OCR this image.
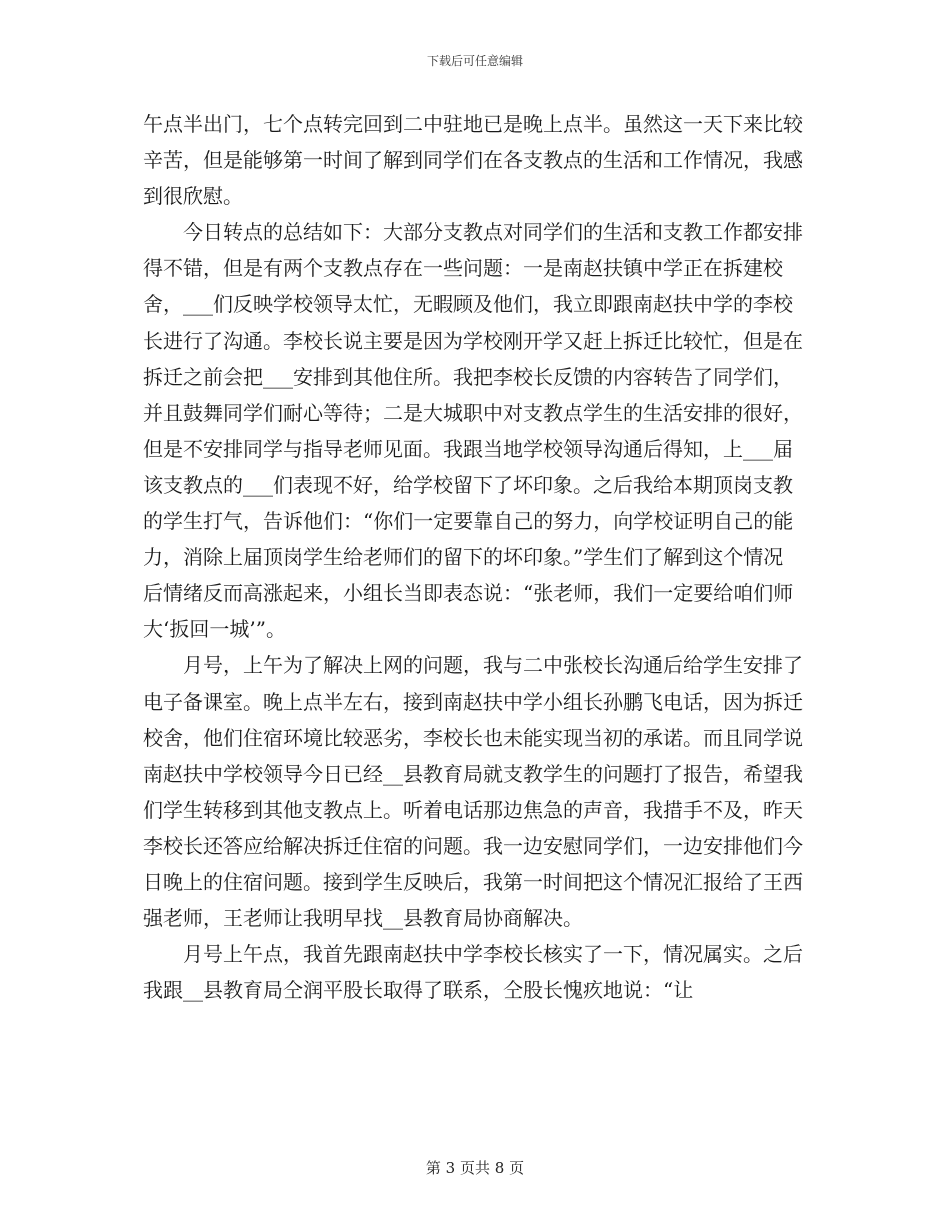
下载后可任意编辑

午点半出门，七个点转完回到二中驻地已是晚上点半。虽然这一天下来比较辛苦，但是能够第一时间了解到同学们在各支教点的生活和工作情况，我感到很欣慰。

今日转点的总结如下：大部分支教点对同学们的生活和支教工作都安排得不错，但是有两个支教点存在一些问题：一是南赵扶镇中学正在拆建校舍，___们反映学校领导太忙，无暇顾及他们，我立即跟南赵扶中学的李校长进行了沟通。李校长说主要是因为学校刚开学又赶上拆迁比较忙，但是在拆迁之前会把___安排到其他住所。我把李校长反馈的内容转告了同学们，并且鼓舞同学们耐心等待；二是大城职中对支教点学生的生活安排的很好，但是不安排同学与指导老师见面。我跟当地学校领导沟通后得知，上___届该支教点的___们表现不好，给学校留下了坏印象。之后我给本期顶岗支教的学生打气，告诉他们：“你们一定要靠自己的努力，向学校证明自己的能力，消除上届顶岗学生给老师们的留下的坏印象。”学生们了解到这个情况后情绪反而高涨起来，小组长当即表态说：“张老师，我们一定要给咱们师大‘扳回一城’”。

月号，上午为了解决上网的问题，我与二中张校长沟通后给学生安排了电子备课室。晚上点半左右，接到南赵扶中学小组长孙鹏飞电话，因为拆迁校舍，他们住宿环境比较恶劣，李校长也未能实现当初的承诺。而且同学说南赵扶中学校领导今日已经__县教育局就支教学生的问题打了报告，希望我们学生转移到其他支教点上。听着电话那边焦急的声音，我措手不及，昨天李校长还答应给解决拆迁住宿的问题。我一边安慰同学们，一边安排他们今日晚上的住宿问题。接到学生反映后，我第一时间把这个情况汇报给了王西强老师，王老师让我明早找__县教育局协商解决。

月号上午点，我首先跟南赵扶中学李校长核实了一下，情况属实。之后我跟__县教育局仝润平股长取得了联系，仝股长愧疚地说：“让

第 3 页共 8 页
